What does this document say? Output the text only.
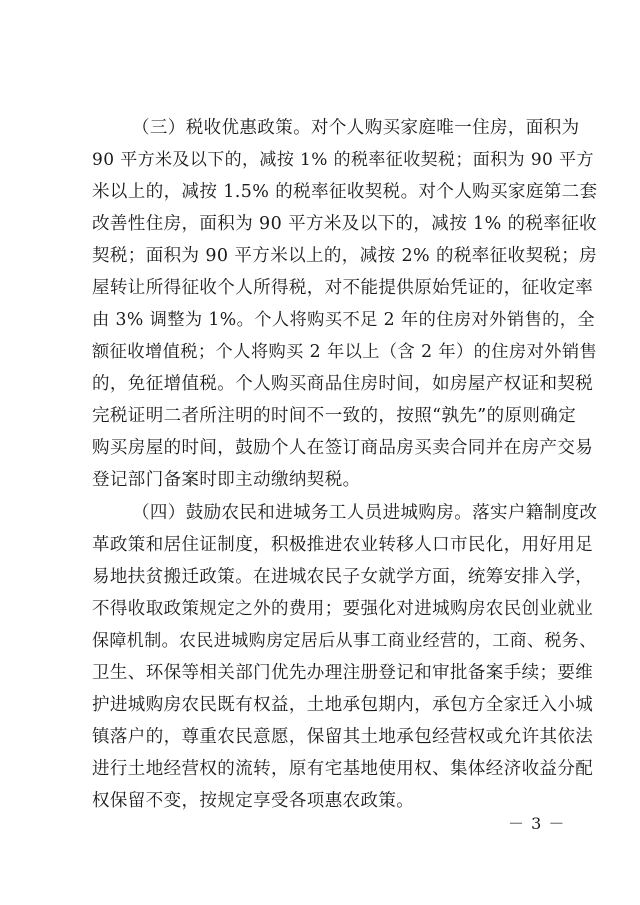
（三）税收优惠政策。对个人购买家庭唯一住房，面积为
90 平方米及以下的，减按 1% 的税率征收契税；面积为 90 平方
米以上的，减按 1.5% 的税率征收契税。对个人购买家庭第二套
改善性住房，面积为 90 平方米及以下的，减按 1% 的税率征收
契税；面积为 90 平方米以上的，减按 2% 的税率征收契税；房
屋转让所得征收个人所得税，对不能提供原始凭证的，征收定率
由 3% 调整为 1%。个人将购买不足 2 年的住房对外销售的，全
额征收增值税；个人将购买 2 年以上（含 2 年）的住房对外销售
的，免征增值税。个人购买商品住房时间，如房屋产权证和契税
完税证明二者所注明的时间不一致的，按照“孰先”的原则确定
购买房屋的时间，鼓励个人在签订商品房买卖合同并在房产交易
登记部门备案时即主动缴纳契税。
（四）鼓励农民和进城务工人员进城购房。落实户籍制度改
革政策和居住证制度，积极推进农业转移人口市民化，用好用足
易地扶贫搬迁政策。在进城农民子女就学方面，统筹安排入学，
不得收取政策规定之外的费用；要强化对进城购房农民创业就业
保障机制。农民进城购房定居后从事工商业经营的，工商、税务、
卫生、环保等相关部门优先办理注册登记和审批备案手续；要维
护进城购房农民既有权益，土地承包期内，承包方全家迁入小城
镇落户的，尊重农民意愿，保留其土地承包经营权或允许其依法
进行土地经营权的流转，原有宅基地使用权、集体经济收益分配
权保留不变，按规定享受各项惠农政策。
－ 3 －
